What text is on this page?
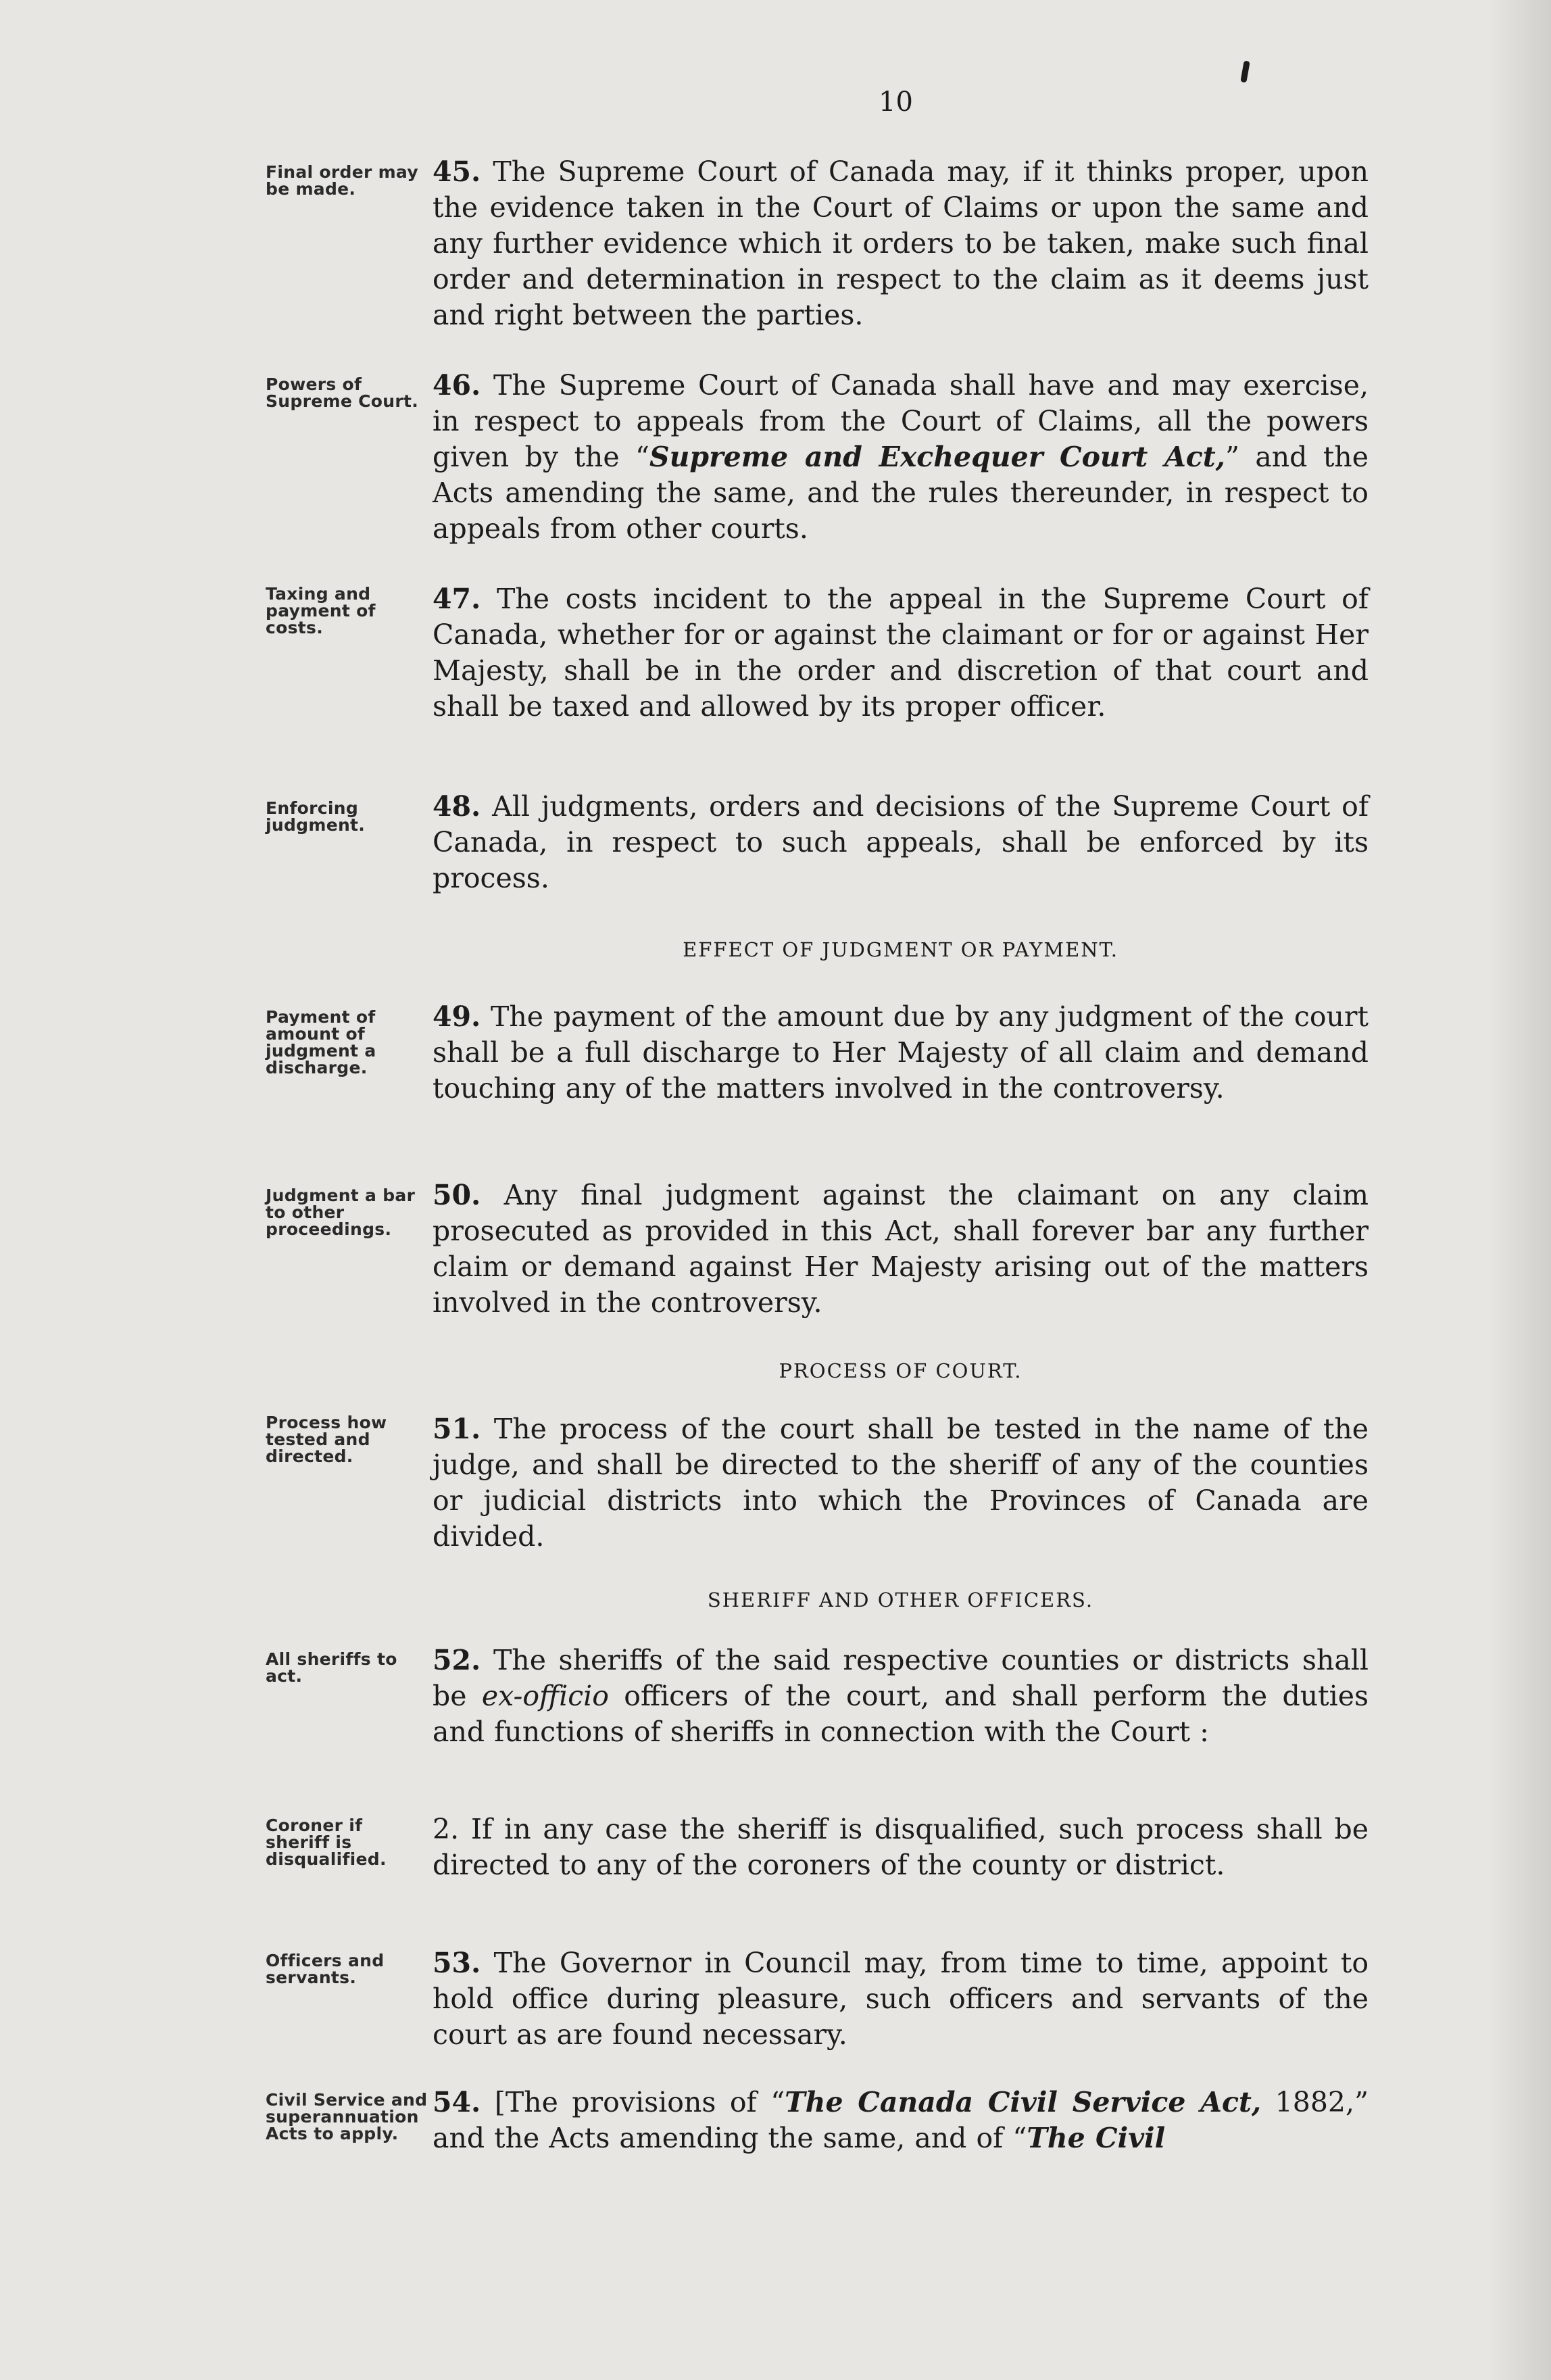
10
Final order may be made.
45. The Supreme Court of Canada may, if it thinks proper, upon the evidence taken in the Court of Claims or upon the same and any further evidence which it orders to be taken, make such final order and determination in respect to the claim as it deems just and right between the parties.
Powers of Supreme Court. 46. The Supreme Court of Canada shall have and may exercise, in respect to appeals from the Court of Claims, all the powers given by the “Supreme and Exchequer Court Act,” and the Acts amending the same, and the rules thereunder, in respect to appeals from other courts.
Taxing and payment of costs.
47. The costs incident to the appeal in the Supreme Court of Canada, whether for or against the claimant or for or against Her Majesty, shall be in the order and discretion of that court and shall be taxed and allowed by its proper officer.
Enforcing judgment.
48. All judgments, orders and decisions of the Supreme Court of Canada, in respect to such appeals, shall be enforced by its process.
EFFECT OF JUDGMENT OR PAYMENT.
Payment of amount of judgment a discharge.
49. The payment of the amount due by any judgment of the court shall be a full discharge to Her Majesty of all claim and demand touching any of the matters involved in the controversy.
Judgment a bar to other proceedings.
50. Any final judgment against the claimant on any claim prosecuted as provided in this Act, shall forever bar any further claim or demand against Her Majesty arising out of the matters involved in the controversy.
PROCESS OF COURT.
Process how tested and directed.
51. The process of the court shall be tested in the name of the judge, and shall be directed to the sheriff of any of the counties or judicial districts into which the Provinces of Canada are divided.
SHERIFF AND OTHER OFFICERS.
All sheriffs to act.	52. The sheriffs of the said respective counties or districts shall be ex-officio officers of the court, and shall perform the duties and functions of sheriffs in connection with the Court :
Coroner if sheriff is disqualified.
2. If in any case the sheriff is disqualified, such process shall be directed to any of the coroners of the county or district.
Officers and servants.	53. The Governor in Council may, from time to time, appoint to hold office during pleasure, such officers and servants of the court as are found necessary.
Civil Service and superannuation Acts to apply.
54. [The provisions of “The Canada Civil Service Act, 1882,” and the Acts amending the same, and of “The Civil
